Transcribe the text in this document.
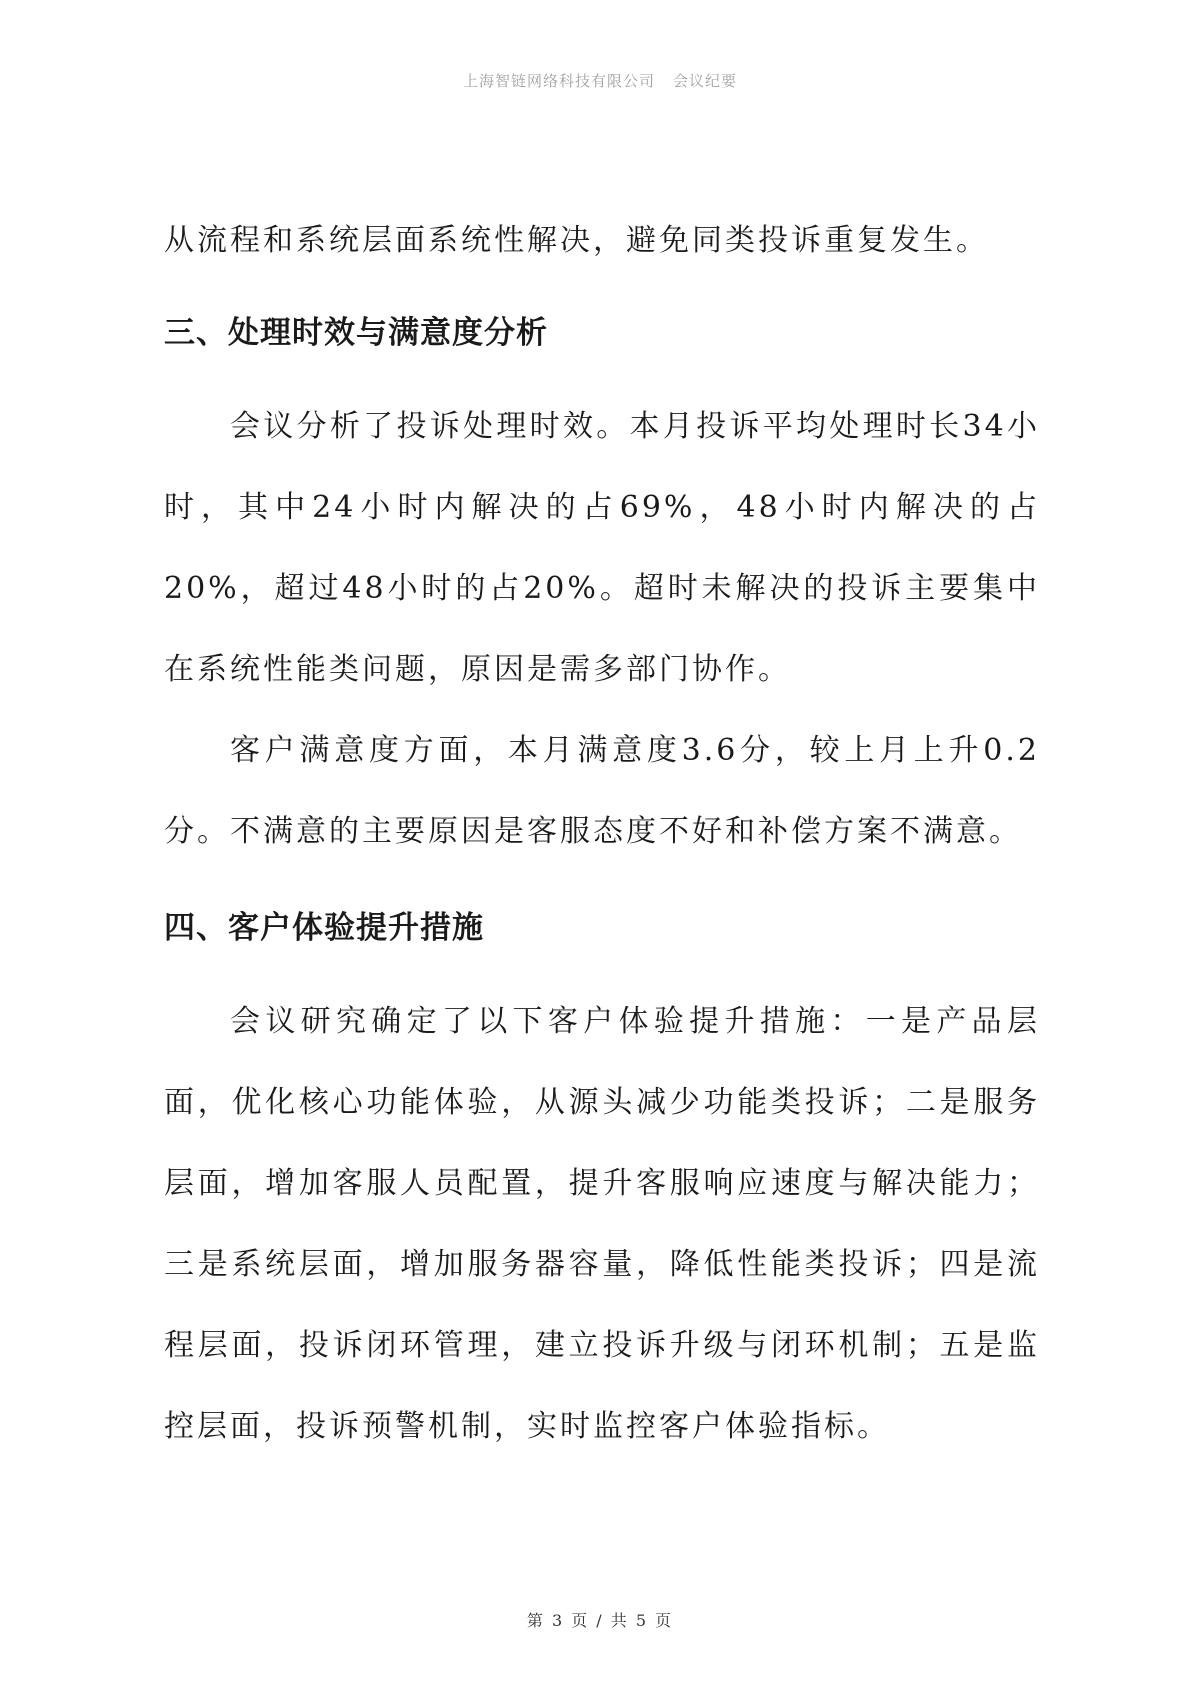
上海智链网络科技有限公司 会议纪要

从流程和系统层面系统性解决，避免同类投诉重复发生。

三、处理时效与满意度分析

会议分析了投诉处理时效。本月投诉平均处理时长34小时，其中24小时内解决的占69%，48小时内解决的占20%，超过48小时的占20%。超时未解决的投诉主要集中在系统性能类问题，原因是需多部门协作。

客户满意度方面，本月满意度3.6分，较上月上升0.2分。不满意的主要原因是客服态度不好和补偿方案不满意。

四、客户体验提升措施

会议研究确定了以下客户体验提升措施：一是产品层面，优化核心功能体验，从源头减少功能类投诉；二是服务层面，增加客服人员配置，提升客服响应速度与解决能力；三是系统层面，增加服务器容量，降低性能类投诉；四是流程层面，投诉闭环管理，建立投诉升级与闭环机制；五是监控层面，投诉预警机制，实时监控客户体验指标。

第 3 页 / 共 5 页
